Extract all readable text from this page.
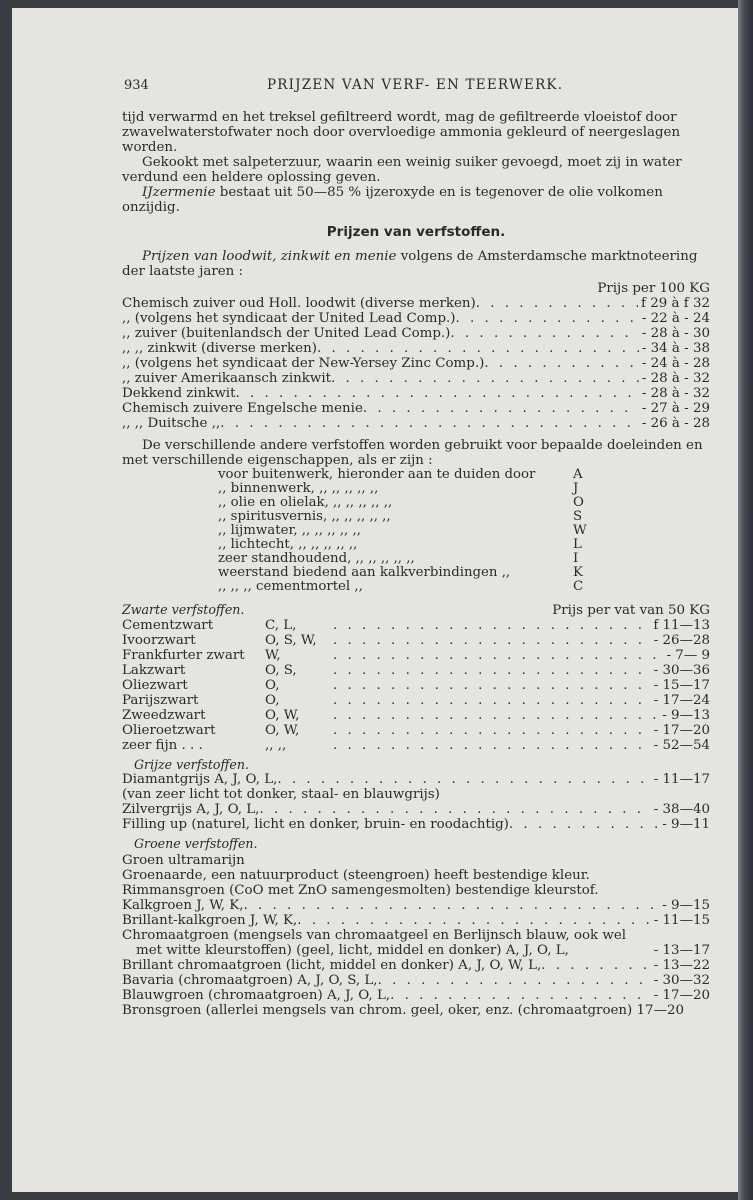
934	PRIJZEN VAN VERF- EN TEERWERK.

tijd verwarmd en het treksel gefiltreerd wordt, mag de gefiltreerde vloeistof door zwavelwaterstofwater noch door overvloedige ammonia gekleurd of neergeslagen worden.

Gekookt met salpeterzuur, waarin een weinig suiker gevoegd, moet zij in water verdund een heldere oplossing geven.

IJzermenie bestaat uit 50—85 % ijzeroxyde en is tegenover de olie volkomen onzijdig.

Prijzen van verfstoffen.

Prijzen van loodwit, zinkwit en menie volgens de Amsterdamsche marktnoteering der laatste jaren :

Prijs per 100 KG
Chemisch zuiver oud Holl. loodwit (diverse merken) . . .	f 29 à f 32
,, (volgens het syndicaat der United Lead Comp.) . . .	- 22 à - 24
,, zuiver (buitenlandsch der United Lead Comp.) . . .	- 28 à - 30
,, ,, zinkwit (diverse merken) . . .	- 34 à - 38
,, (volgens het syndicaat der New-Yersey Zinc Comp.) . . .	- 24 à - 28
,, zuiver Amerikaansch zinkwit . . .	- 28 à - 32
Dekkend zinkwit . . .	- 28 à - 32
Chemisch zuivere Engelsche menie . . .	- 27 à - 29
,, ,, Duitsche ,, . . .	- 26 à - 28

De verschillende andere verfstoffen worden gebruikt voor bepaalde doeleinden en met verschillende eigenschappen, als er zijn :

voor buitenwerk, hieronder aan te duiden door	A
,, binnenwerk, ,, ,, ,, ,, ,,	J
,, olie en olielak, ,, ,, ,, ,, ,,	O
,, spiritusvernis, ,, ,, ,, ,, ,,	S
,, lijmwater, ,, ,, ,, ,, ,,	W
,, lichtecht, ,, ,, ,, ,, ,,	L
zeer standhoudend, ,, ,, ,, ,, ,,	I
weerstand biedend aan kalkverbindingen ,,	K
,, ,, ,, cementmortel ,,	C
Zwarte verfstoffen.	Prijs per vat van 50 KG
Cementzwart	C, L, . . .	f 11—13
Ivoorzwart	O, S, W, . . .	- 26—28
Frankfurter zwart	W, . . .	- 7— 9
Lakzwart	O, S, . . .	- 30—36
Oliezwart	O, . . .	- 15—17
Parijszwart	O, . . .	- 17—24
Zweedzwart	O, W, . . .	- 9—13
Olieroetzwart	O, W, . . .	- 17—20
zeer fijn . . .	,, ,, . . .	- 52—54
Grijze verfstoffen.
Diamantgrijs A, J, O, L, . . .	- 11—17
(van zeer licht tot donker, staal- en blauwgrijs)
Zilvergrijs A, J, O, L, . . .	- 38—40
Filling up (naturel, licht en donker, bruin- en roodachtig) . . .	- 9—11
Groene verfstoffen.

Groen ultramarijn

Groenaarde, een natuurproduct (steengroen) heeft bestendige kleur.

Rimmansgroen (CoO met ZnO samengesmolten) bestendige kleurstof.

Kalkgroen J, W, K, . . .	- 9—15
Brillant-kalkgroen J, W, K, . . .	- 11—15

Chromaatgroen (mengsels van chromaatgeel en Berlijnsch blauw, ook wel

met witte kleurstoffen) (geel, licht, middel en donker) A, J, O, L,	- 13—17
Brillant chromaatgroen (licht, middel en donker) A, J, O, W, L, . . .	- 13—22
Bavaria (chromaatgroen) A, J, O, S, L, . . .	- 30—32
Blauwgroen (chromaatgroen) A, J, O, L, . . .	- 17—20

Bronsgroen (allerlei mengsels van chrom. geel, oker, enz. (chromaatgroen) 17—20
